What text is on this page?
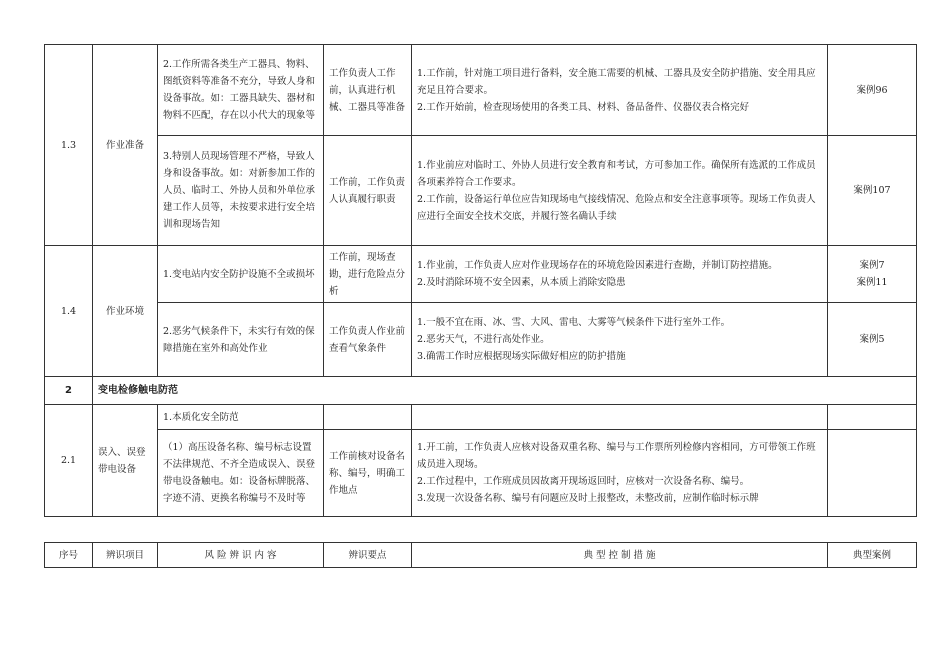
1.3	作业准备	2.工作所需各类生产工器具、物料、图纸资料等准备不充分，导致人身和设备事故。如：工器具缺失、器材和物料不匹配，存在以小代大的现象等	工作负责人工作前，认真进行机械、工器具等准备	1.工作前，针对施工项目进行备料，安全施工需要的机械、工器具及安全防护措施、安全用具应充足且符合要求。
2.工作开始前，检查现场使用的各类工具、材料、备品备件、仪器仪表合格完好	案例96
		3.特别人员现场管理不严格，导致人身和设备事故。如：对新参加工作的人员、临时工、外协人员和外单位承建工作人员等，未按要求进行安全培训和现场告知	工作前，工作负责人认真履行职责	1.作业前应对临时工、外协人员进行安全教育和考试，方可参加工作。确保所有选派的工作成员各项素养符合工作要求。
2.工作前，设备运行单位应告知现场电气接线情况、危险点和安全注意事项等。现场工作负责人应进行全面安全技术交底，并履行签名确认手续	案例107
1.4	作业环境	1.变电站内安全防护设施不全或损坏	工作前，现场查勘，进行危险点分析	1.作业前，工作负责人应对作业现场存在的环境危险因素进行查勘，并制订防控措施。
2.及时消除环境不安全因素，从本质上消除安隐患	案例7
案例11

		2.恶劣气候条件下，未实行有效的保障措施在室外和高处作业	工作负责人作业前查看气象条件	1.一般不宜在雨、冰、雪、大风、雷电、大雾等气候条件下进行室外工作。
2.恶劣天气，不进行高处作业。
3.确需工作时应根据现场实际做好相应的防护措施	案例5
2	变电检修触电防范				
2.1	误入、误登带电设备	1.本质化安全防范			
		（1）高压设备名称、编号标志设置不法律规范、不齐全造成误入、误登带电设备触电。如：设备标牌脱落、字迹不清、更换名称编号不及时等	工作前核对设备名称、编号，明确工作地点	1.开工前，工作负责人应核对设备双重名称、编号与工作票所列检修内容相同，方可带领工作班成员进入现场。
2.工作过程中，工作班成员因故离开现场返回时，应核对一次设备名称、编号。
3.发现一次设备名称、编号有问题应及时上报整改，未整改前，应制作临时标示牌	

序号	辨识项目	风 险 辨 识 内 容	辨识要点	典 型 控 制 措 施	典型案例
